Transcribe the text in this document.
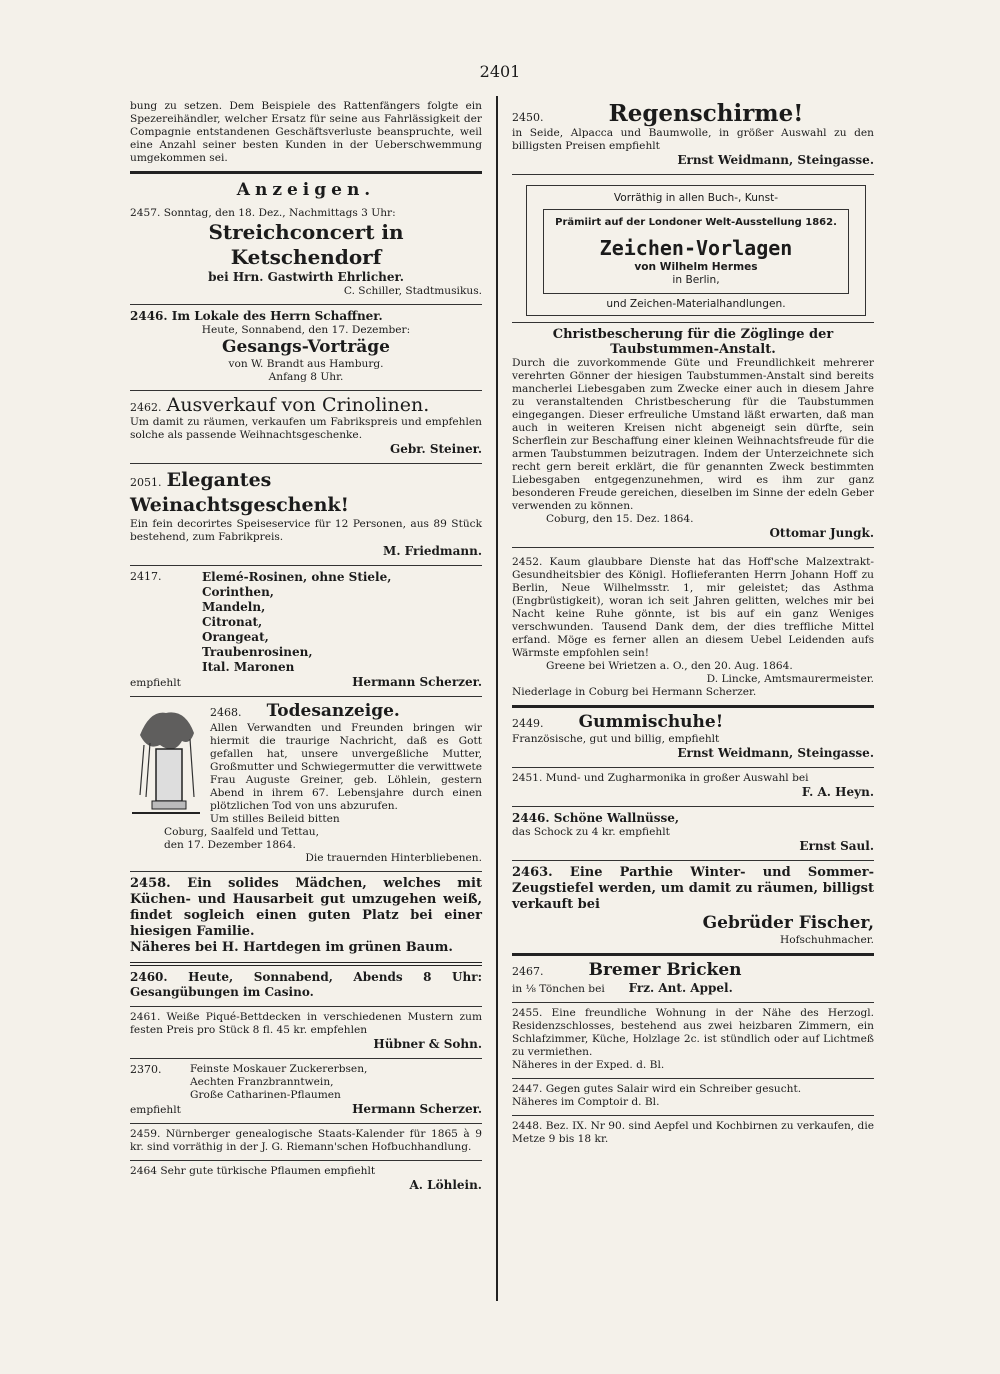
2401

bung zu setzen. Dem Beispiele des Rattenfängers folgte ein Spezereihändler, welcher Ersatz für seine aus Fahrlässigkeit der Compagnie entstandenen Geschäftsverluste beanspruchte, weil eine Anzahl seiner besten Kunden in der Ueberschwemmung umgekommen sei.

Anzeigen.

2457. Sonntag, den 18. Dez., Nachmittags 3 Uhr:

Streichconcert in Ketschendorf

bei Hrn. Gastwirth Ehrlicher.

C. Schiller, Stadtmusikus.

2446. Im Lokale des Herrn Schaffner.

Heute, Sonnabend, den 17. Dezember:

Gesangs-Vorträge

von W. Brandt aus Hamburg.

Anfang 8 Uhr.

2462. Ausverkauf von Crinolinen.

Um damit zu räumen, verkaufen um Fabrikspreis und empfehlen solche als passende Weihnachtsgeschenke.

Gebr. Steiner.

2051. Elegantes Weinachtsgeschenk!

Ein fein decorirtes Speiseservice für 12 Personen, aus 89 Stück bestehend, zum Fabrikpreis.

M. Friedmann.

2417.	Elemé-Rosinen, ohne Stiele,

Corinthen,

Mandeln,

Citronat,

Orangeat,

Traubenrosinen,

Ital. Maronen

empfiehlt	Hermann Scherzer.

2468. Todesanzeige.

Allen Verwandten und Freunden bringen wir hiermit die traurige Nachricht, daß es Gott gefallen hat, unsere unvergeßliche Mutter, Großmutter und Schwiegermutter die verwittwete Frau Auguste Greiner, geb. Löhlein, gestern Abend in ihrem 67. Lebensjahre durch einen plötzlichen Tod von uns abzurufen.

Um stilles Beileid bitten

Coburg, Saalfeld und Tettau,

den 17. Dezember 1864.

Die trauernden Hinterbliebenen.

2458. Ein solides Mädchen, welches mit Küchen- und Hausarbeit gut umzugehen weiß, findet sogleich einen guten Platz bei einer hiesigen Familie.

Näheres bei H. Hartdegen im grünen Baum.

2460. Heute, Sonnabend, Abends 8 Uhr: Gesangübungen im Casino.

2461. Weiße Piqué-Bettdecken in verschiedenen Mustern zum festen Preis pro Stück 8 fl. 45 kr. empfehlen

Hübner & Sohn.

2370.	Feinste Moskauer Zuckererbsen,

Aechten Franzbranntwein,

Große Catharinen-Pflaumen

empfiehlt	Hermann Scherzer.

2459. Nürnberger genealogische Staats-Kalender für 1865 à 9 kr. sind vorräthig in der J. G. Riemann'schen Hofbuchhandlung.

2464 Sehr gute türkische Pflaumen empfiehlt

A. Löhlein.

2450.	Regenschirme!

in Seide, Alpacca und Baumwolle, in größer Auswahl zu den billigsten Preisen empfiehlt

Ernst Weidmann, Steingasse.

Vorräthig in allen Buch-, Kunst-

Prämiirt auf der Londoner Welt-Ausstellung 1862.

Zeichen-Vorlagen

von Wilhelm Hermes

in Berlin,

und Zeichen-Materialhandlungen.

Christbescherung für die Zöglinge der Taubstummen-Anstalt.

Durch die zuvorkommende Güte und Freundlichkeit mehrerer verehrten Gönner der hiesigen Taubstummen-Anstalt sind bereits mancherlei Liebesgaben zum Zwecke einer auch in diesem Jahre zu veranstaltenden Christbescherung für die Taubstummen eingegangen. Dieser erfreuliche Umstand läßt erwarten, daß man auch in weiteren Kreisen nicht abgeneigt sein dürfte, sein Scherflein zur Beschaffung einer kleinen Weihnachtsfreude für die armen Taubstummen beizutragen. Indem der Unterzeichnete sich recht gern bereit erklärt, die für genannten Zweck bestimmten Liebesgaben entgegenzunehmen, wird es ihm zur ganz besonderen Freude gereichen, dieselben im Sinne der edeln Geber verwenden zu können.

Coburg, den 15. Dez. 1864.

Ottomar Jungk.

2452. Kaum glaubbare Dienste hat das Hoff'sche Malzextrakt-Gesundheitsbier des Königl. Hoflieferanten Herrn Johann Hoff zu Berlin, Neue Wilhelmsstr. 1, mir geleistet; das Asthma (Engbrüstigkeit), woran ich seit Jahren gelitten, welches mir bei Nacht keine Ruhe gönnte, ist bis auf ein ganz Weniges verschwunden. Tausend Dank dem, der dies treffliche Mittel erfand. Möge es ferner allen an diesem Uebel Leidenden aufs Wärmste empfohlen sein!

Greene bei Wrietzen a. O., den 20. Aug. 1864.

D. Lincke, Amtsmaurermeister.

Niederlage in Coburg bei Hermann Scherzer.

2449. Gummischuhe!

Französische, gut und billig, empfiehlt

Ernst Weidmann, Steingasse.

2451. Mund- und Zugharmonika in großer Auswahl bei

F. A. Heyn.

2446. Schöne Wallnüsse,

das Schock zu 4 kr. empfiehlt

Ernst Saul.

2463. Eine Parthie Winter- und Sommer-Zeugstiefel werden, um damit zu räumen, billigst verkauft bei

Gebrüder Fischer,

Hofschuhmacher.

2467.	Bremer Bricken

in ⅛ Tönchen bei Frz. Ant. Appel.

2455. Eine freundliche Wohnung in der Nähe des Herzogl. Residenzschlosses, bestehend aus zwei heizbaren Zimmern, ein Schlafzimmer, Küche, Holzlage 2c. ist stündlich oder auf Lichtmeß zu vermiethen.

Näheres in der Exped. d. Bl.

2447. Gegen gutes Salair wird ein Schreiber gesucht.

Näheres im Comptoir d. Bl.

2448. Bez. IX. Nr 90. sind Aepfel und Kochbirnen zu verkaufen, die Metze 9 bis 18 kr.
